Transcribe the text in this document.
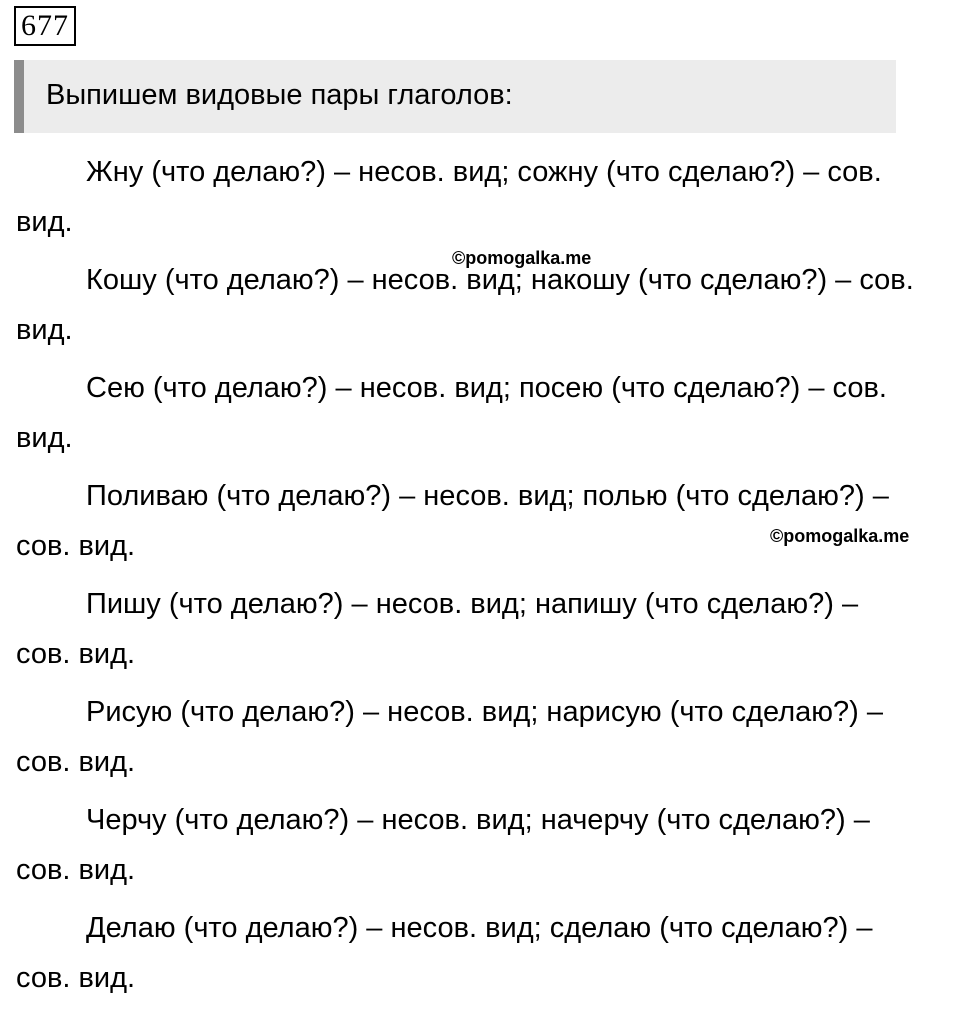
677
Выпишем видовые пары глаголов:

Жну (что делаю?) – несов. вид; сожну (что сделаю?) – сов. вид.

Кошу (что делаю?) – несов. вид; накошу (что сделаю?) – сов. вид.

Сею (что делаю?) – несов. вид; посею (что сделаю?) – сов. вид.

Поливаю (что делаю?) – несов. вид; полью (что сделаю?) – сов. вид.

Пишу (что делаю?) – несов. вид; напишу (что сделаю?) – сов. вид.

Рисую (что делаю?) – несов. вид; нарисую (что сделаю?) – сов. вид.

Черчу (что делаю?) – несов. вид; начерчу (что сделаю?) – сов. вид.

Делаю (что делаю?) – несов. вид; сделаю (что сделаю?) – сов. вид.

©pomogalka.me
©pomogalka.me
